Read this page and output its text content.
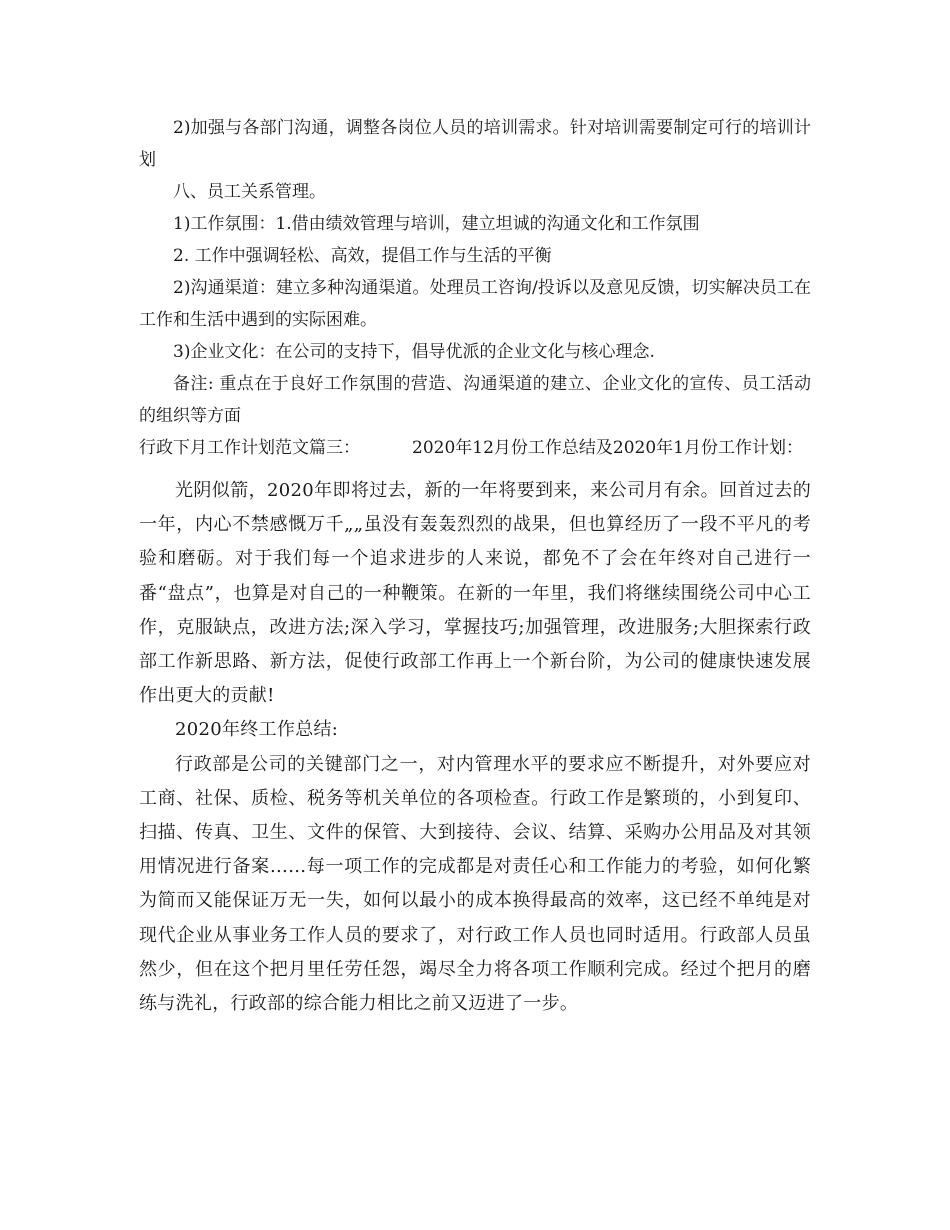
2)加强与各部门沟通，调整各岗位人员的培训需求。针对培训需要制定可行的培训计划

八、员工关系管理。

1)工作氛围：1.借由绩效管理与培训，建立坦诚的沟通文化和工作氛围

2. 工作中强调轻松、高效，提倡工作与生活的平衡

2)沟通渠道：建立多种沟通渠道。处理员工咨询/投诉以及意见反馈，切实解决员工在工作和生活中遇到的实际困难。

3)企业文化：在公司的支持下，倡导优派的企业文化与核心理念.

备注: 重点在于良好工作氛围的营造、沟通渠道的建立、企业文化的宣传、员工活动的组织等方面

行政下月工作计划范文篇三：	2020年12月份工作总结及2020年1月份工作计划：

光阴似箭，2020年即将过去，新的一年将要到来，来公司月有余。回首过去的一年，内心不禁感慨万千„„虽没有轰轰烈烈的战果，但也算经历了一段不平凡的考验和磨砺。对于我们每一个追求进步的人来说，都免不了会在年终对自己进行一番“盘点”，也算是对自己的一种鞭策。在新的一年里，我们将继续围绕公司中心工作，克服缺点，改进方法;深入学习，掌握技巧;加强管理，改进服务;大胆探索行政部工作新思路、新方法，促使行政部工作再上一个新台阶，为公司的健康快速发展作出更大的贡献!

2020年终工作总结:

行政部是公司的关键部门之一，对内管理水平的要求应不断提升，对外要应对工商、社保、质检、税务等机关单位的各项检查。行政工作是繁琐的，小到复印、扫描、传真、卫生、文件的保管、大到接待、会议、结算、采购办公用品及对其领用情况进行备案……每一项工作的完成都是对责任心和工作能力的考验，如何化繁为简而又能保证万无一失，如何以最小的成本换得最高的效率，这已经不单纯是对现代企业从事业务工作人员的要求了，对行政工作人员也同时适用。行政部人员虽然少，但在这个把月里任劳任怨，竭尽全力将各项工作顺利完成。经过个把月的磨练与洗礼，行政部的综合能力相比之前又迈进了一步。
